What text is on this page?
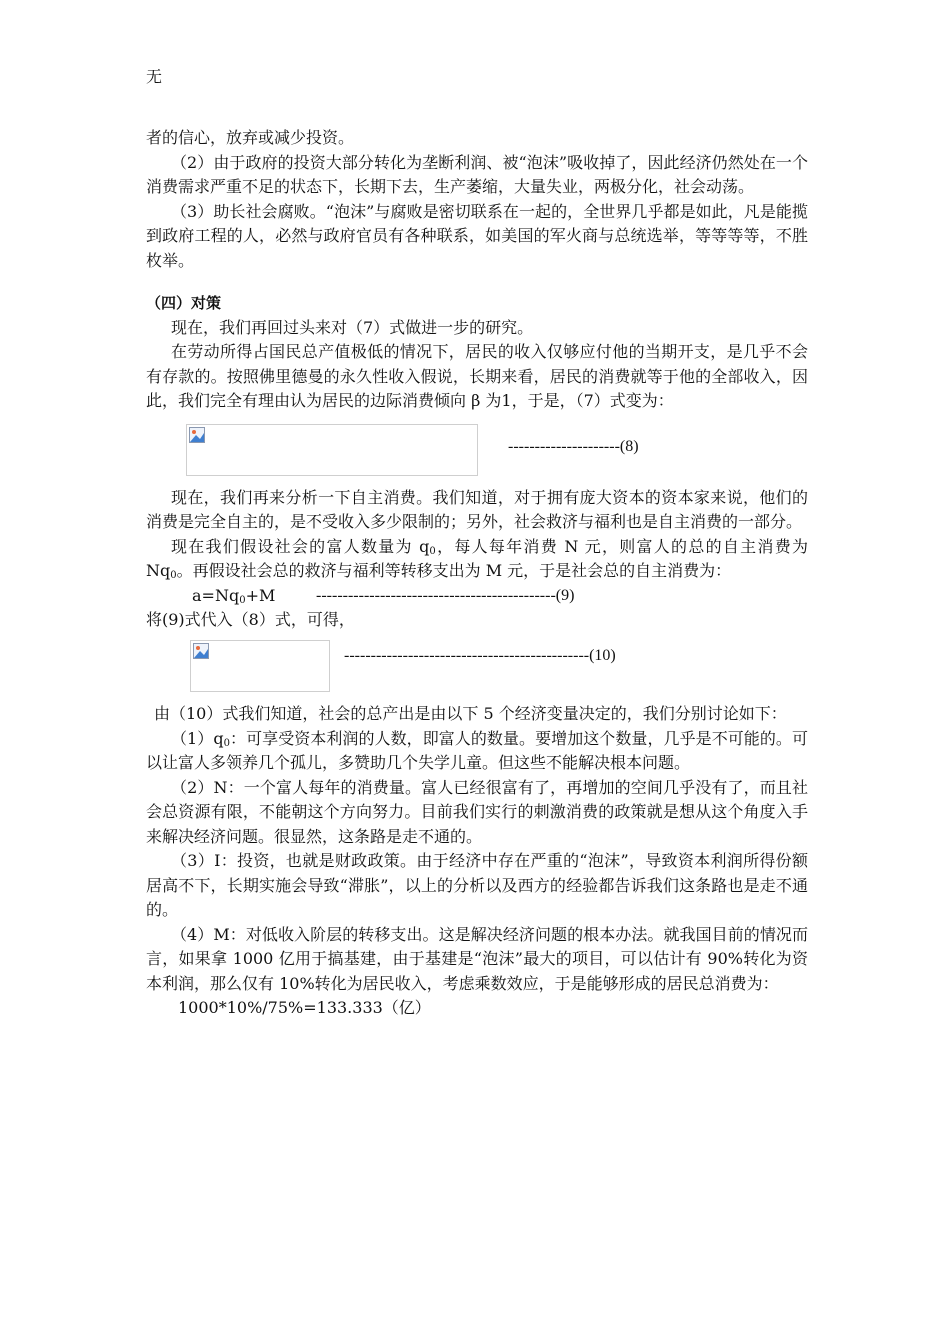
无

者的信心，放弃或减少投资。

（2）由于政府的投资大部分转化为垄断利润、被“泡沫”吸收掉了，因此经济仍然处在一个消费需求严重不足的状态下，长期下去，生产萎缩，大量失业，两极分化，社会动荡。

（3）助长社会腐败。“泡沫”与腐败是密切联系在一起的，全世界几乎都是如此，凡是能揽到政府工程的人，必然与政府官员有各种联系，如美国的军火商与总统选举，等等等等，不胜枚举。

（四）对策

现在，我们再回过头来对（7）式做进一步的研究。

在劳动所得占国民总产值极低的情况下，居民的收入仅够应付他的当期开支，是几乎不会有存款的。按照佛里德曼的永久性收入假说，长期来看，居民的消费就等于他的全部收入，因此，我们完全有理由认为居民的边际消费倾向 β 为1，于是，（7）式变为：

---------------------(8)

现在，我们再来分析一下自主消费。我们知道，对于拥有庞大资本的资本家来说，他们的消费是完全自主的，是不受收入多少限制的；另外，社会救济与福利也是自主消费的一部分。

现在我们假设社会的富人数量为 $q_0$，每人每年消费 N 元，则富人的总的自主消费为 $Nq_0$。再假设社会总的救济与福利等转移支出为 M 元，于是社会总的自主消费为：

$a=Nq_0+M$	---------------------------------------------(9)

将(9)式代入（8）式，可得，

----------------------------------------------(10)

由（10）式我们知道，社会的总产出是由以下 5 个经济变量决定的，我们分别讨论如下：

$(1)q_0$：可享受资本利润的人数，即富人的数量。要增加这个数量，几乎是不可能的。可以让富人多领养几个孤儿，多赞助几个失学儿童。但这些不能解决根本问题。

（2）N：一个富人每年的消费量。富人已经很富有了，再增加的空间几乎没有了，而且社会总资源有限，不能朝这个方向努力。目前我们实行的刺激消费的政策就是想从这个角度入手来解决经济问题。很显然，这条路是走不通的。

（3）I：投资，也就是财政政策。由于经济中存在严重的“泡沫”，导致资本利润所得份额居高不下，长期实施会导致“滞胀”，以上的分析以及西方的经验都告诉我们这条路也是走不通的。

（4）M：对低收入阶层的转移支出。这是解决经济问题的根本办法。就我国目前的情况而言，如果拿 1000 亿用于搞基建，由于基建是“泡沫”最大的项目，可以估计有 90%转化为资本利润，那么仅有 10%转化为居民收入，考虑乘数效应，于是能够形成的居民总消费为：

1000*10%/75%=133.333（亿）
